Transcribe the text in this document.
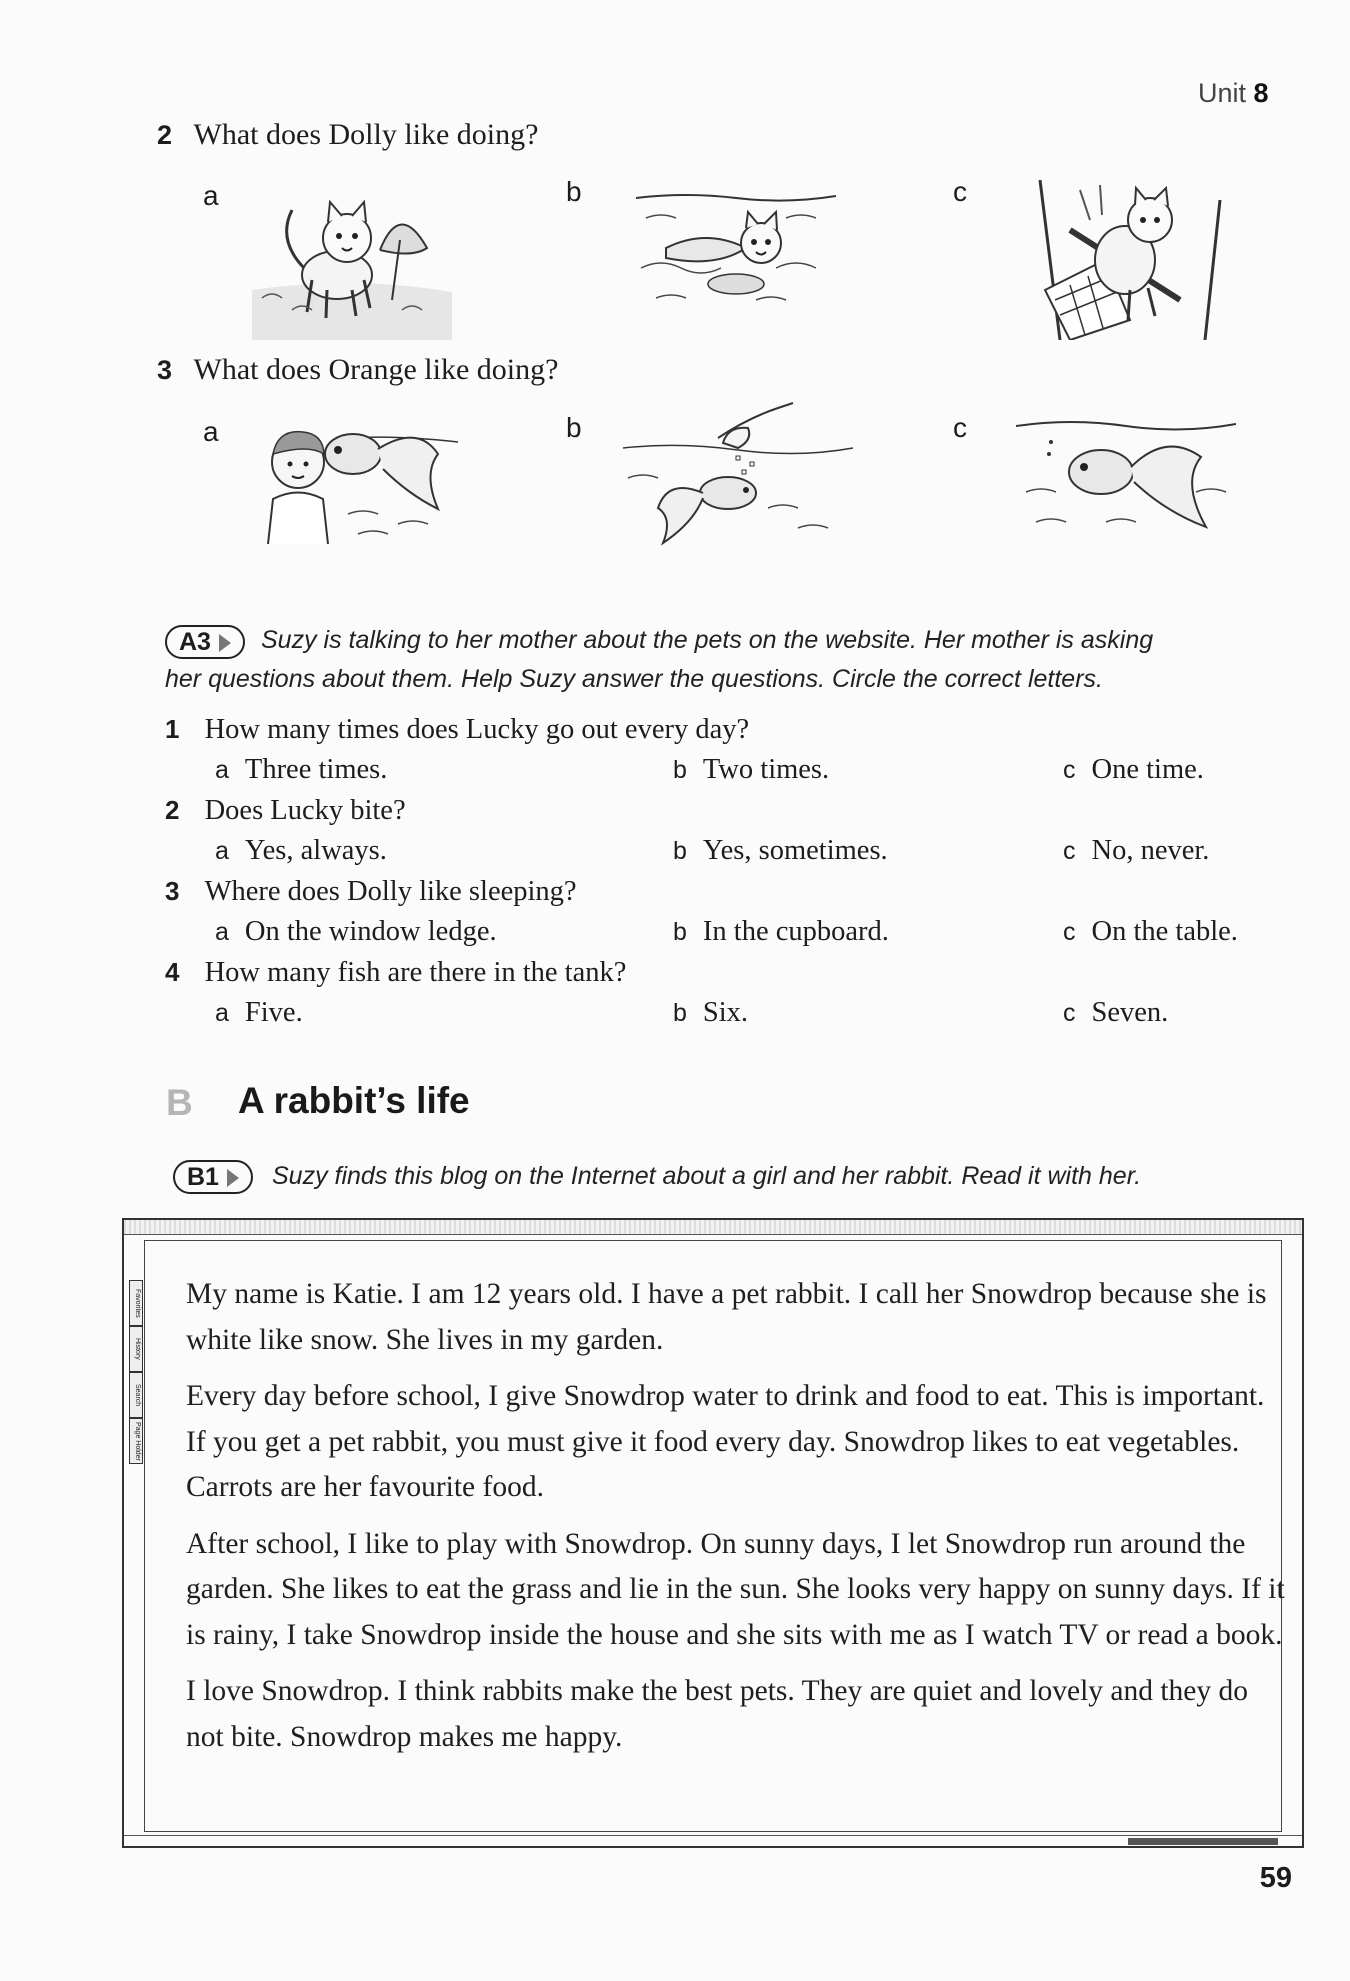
Unit 8
2 What does Dolly like doing?
a	b	c
3 What does Orange like doing?
a	b	c
A3	Suzy is talking to her mother about the pets on the website. Her mother is asking
her questions about them. Help Suzy answer the questions. Circle the correct letters.
1 How many times does Lucky go out every day?
a Three times.	b Two times.	c One time.
2 Does Lucky bite?
a Yes, always.	b Yes, sometimes.	c No, never.
3 Where does Dolly like sleeping?
a On the window ledge.	b In the cupboard.	c On the table.
4 How many fish are there in the tank?
a Five.	b Six.	c Seven.
B A rabbit’s life
B1	Suzy finds this blog on the Internet about a girl and her rabbit. Read it with her.
Favorites
History
Search
Page Holder

My name is Katie. I am 12 years old. I have a pet rabbit. I call her Snowdrop because she is white like snow. She lives in my garden.

Every day before school, I give Snowdrop water to drink and food to eat. This is important. If you get a pet rabbit, you must give it food every day. Snowdrop likes to eat vegetables. Carrots are her favourite food.

After school, I like to play with Snowdrop. On sunny days, I let Snowdrop run around the garden. She likes to eat the grass and lie in the sun. She looks very happy on sunny days. If it is rainy, I take Snowdrop inside the house and she sits with me as I watch TV or read a book.

I love Snowdrop. I think rabbits make the best pets. They are quiet and lovely and they do not bite. Snowdrop makes me happy.

59
